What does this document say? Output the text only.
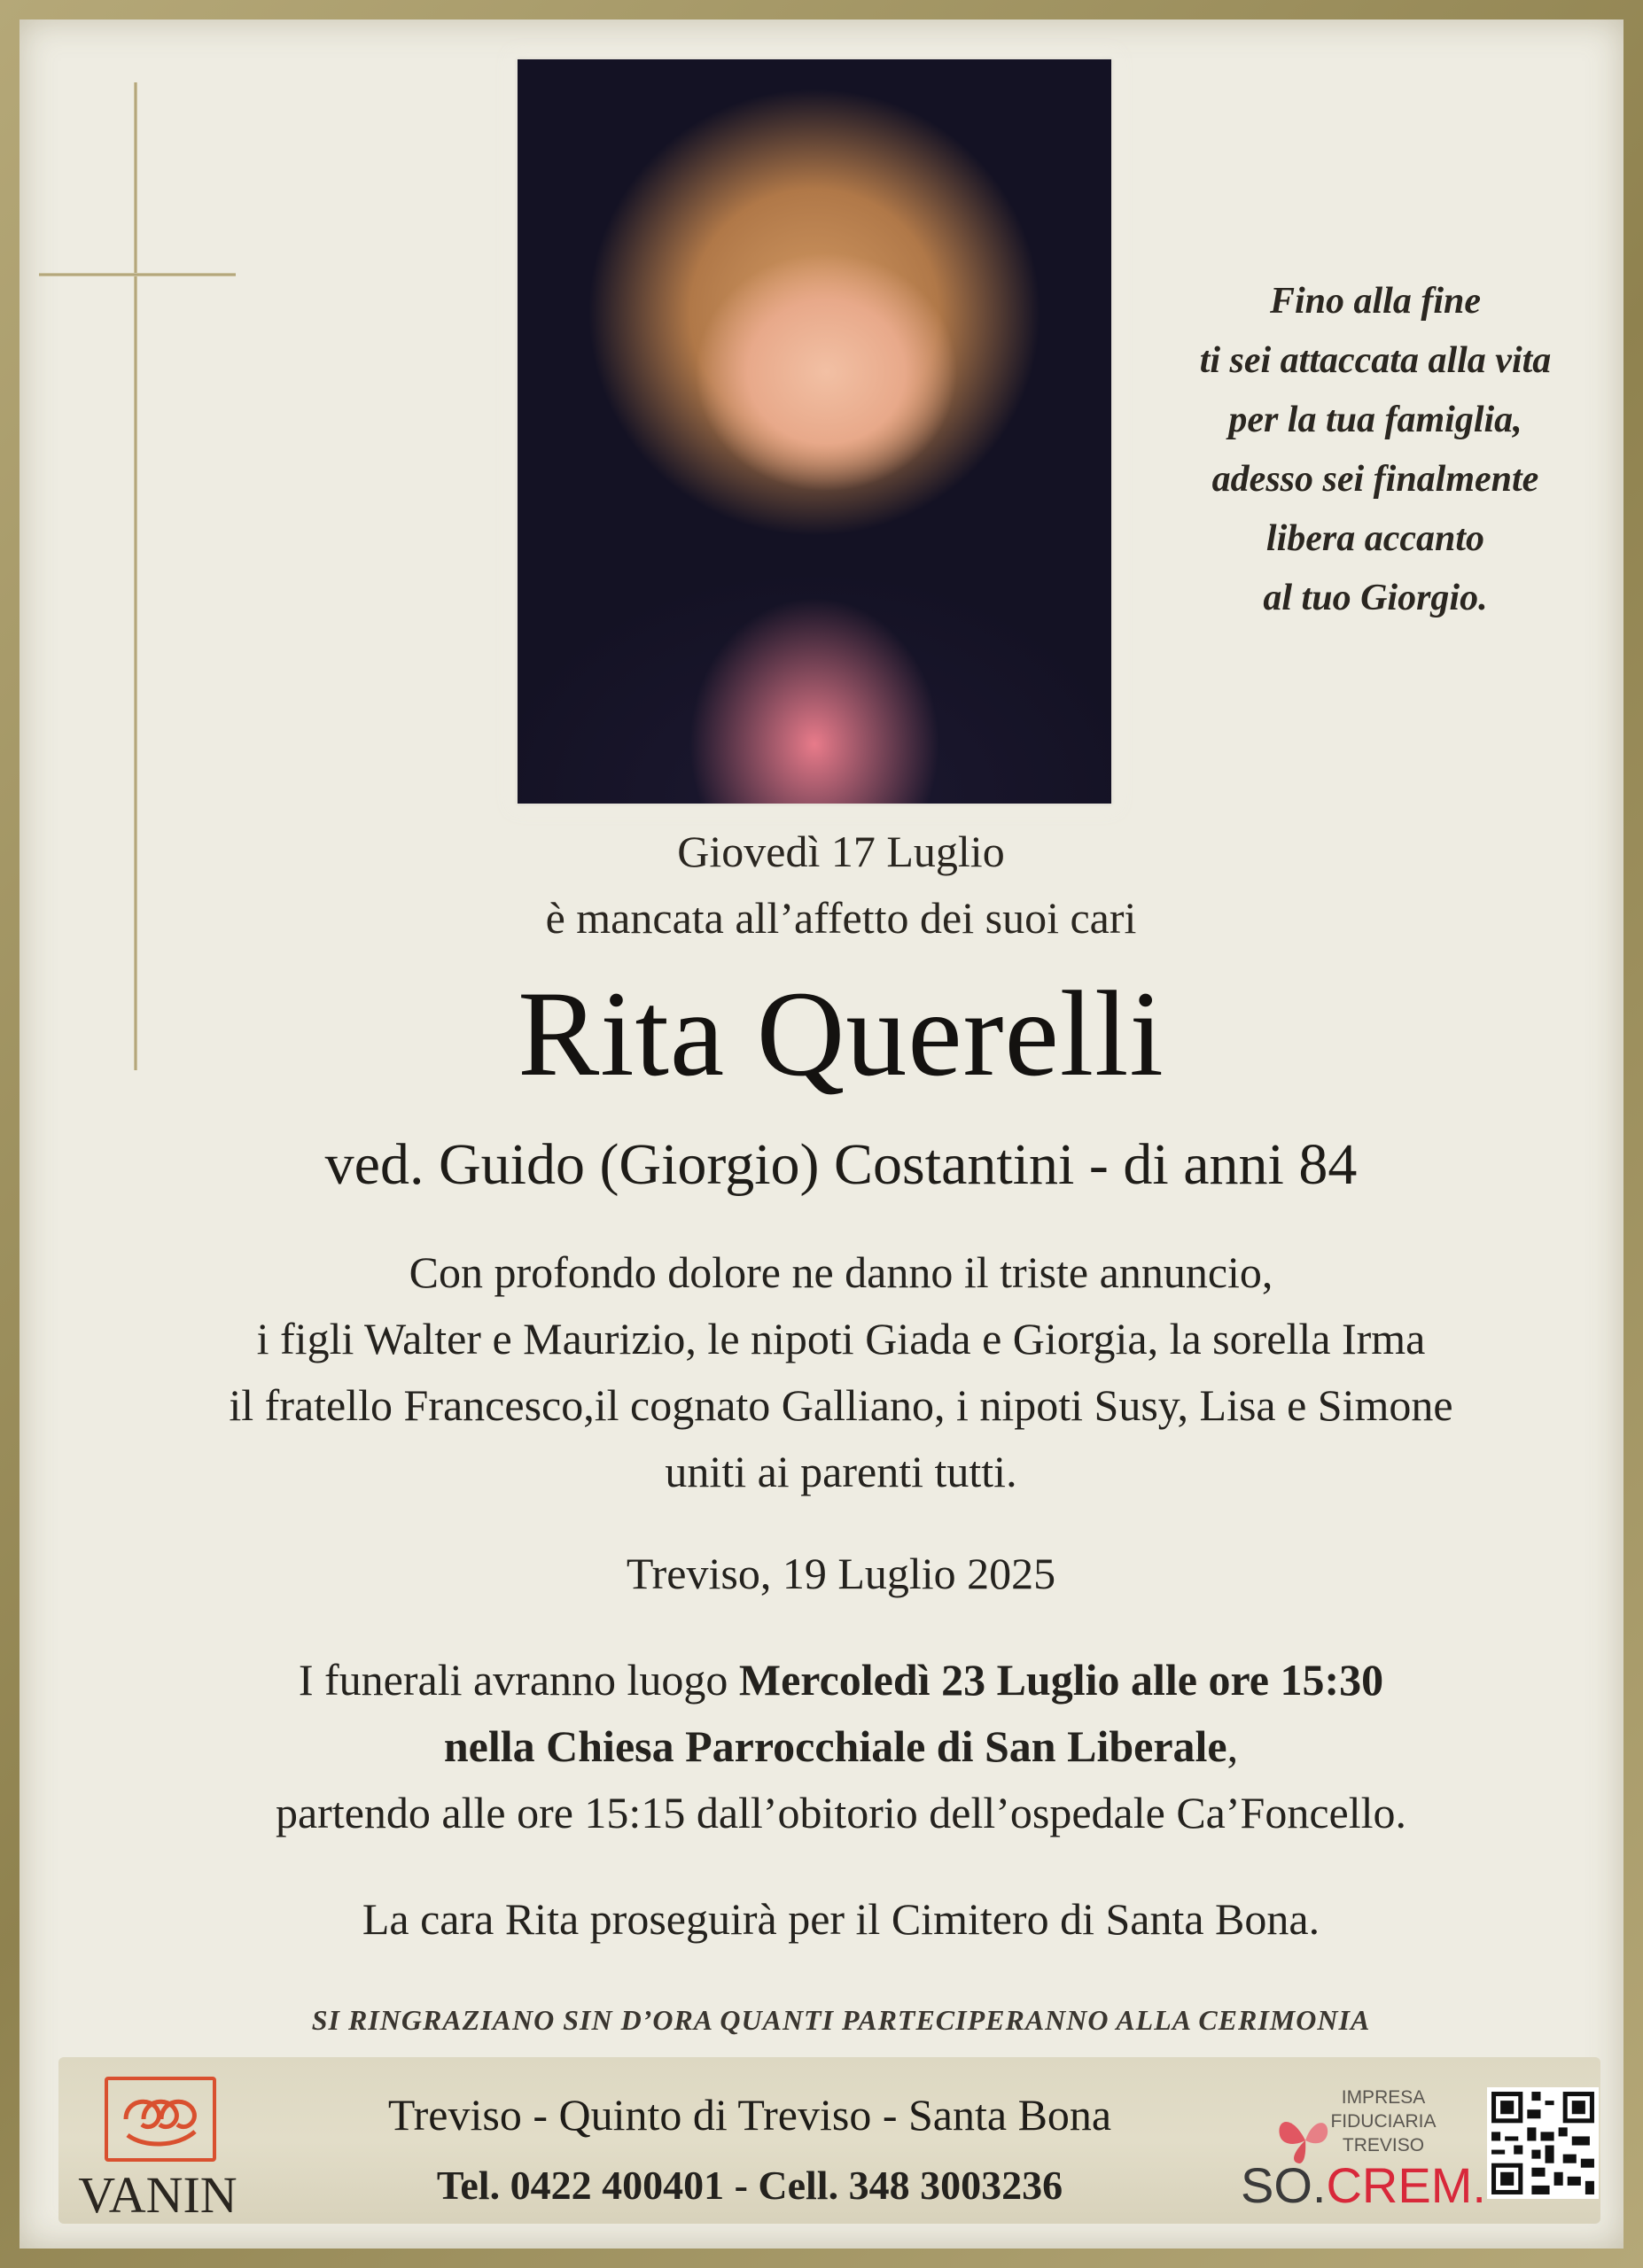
Fino alla fine
ti sei attaccata alla vita
per la tua famiglia,
adesso sei finalmente
libera accanto
al tuo Giorgio.
Giovedì 17 Luglio
è mancata all’affetto dei suoi cari
Rita Querelli
ved. Guido (Giorgio) Costantini - di anni 84
Con profondo dolore ne danno il triste annuncio,
i figli Walter e Maurizio, le nipoti Giada e Giorgia, la sorella Irma
il fratello Francesco,il cognato Galliano, i nipoti Susy, Lisa e Simone
uniti ai parenti tutti.
Treviso, 19 Luglio 2025
I funerali avranno luogo Mercoledì 23 Luglio alle ore 15:30
nella Chiesa Parrocchiale di San Liberale,
partendo alle ore 15:15 dall’obitorio dell’ospedale Ca’Foncello.
La cara Rita proseguirà per il Cimitero di Santa Bona.
SI RINGRAZIANO SIN D’ORA QUANTI PARTECIPERANNO ALLA CERIMONIA
VANIN
Treviso - Quinto di Treviso - Santa Bona
Tel. 0422 400401 - Cell. 348 3003236
IMPRESA
FIDUCIARIA
TREVISO
SO.CREM.
